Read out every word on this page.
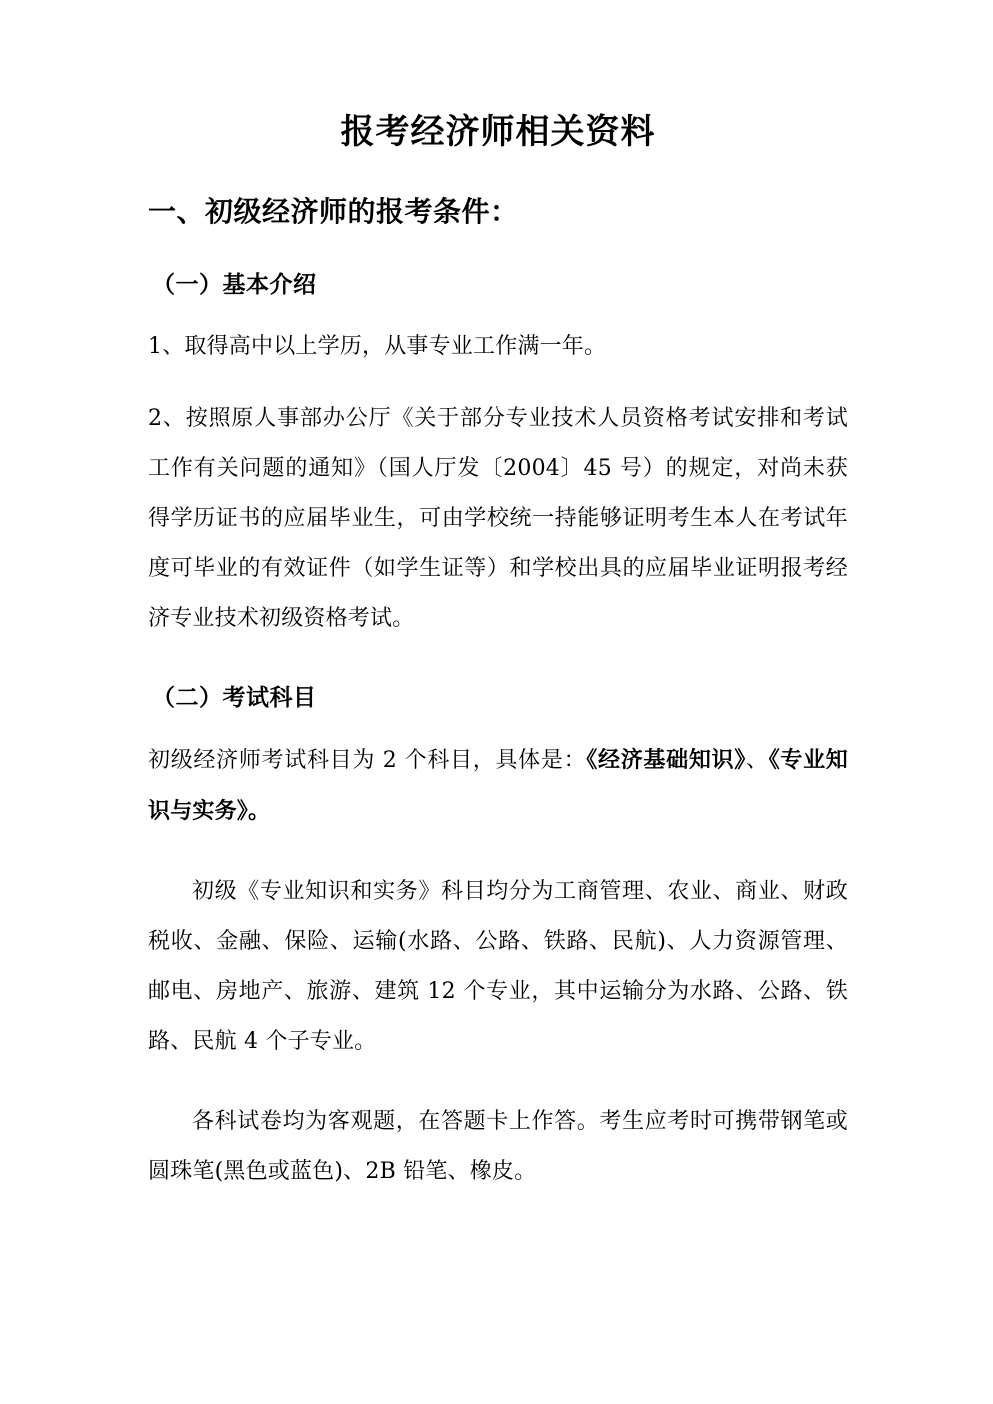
报考经济师相关资料
一、初级经济师的报考条件：
（一）基本介绍

1、取得高中以上学历，从事专业工作满一年。

2、按照原人事部办公厅《关于部分专业技术人员资格考试安排和考试工作有关问题的通知》（国人厅发〔2004〕45 号）的规定，对尚未获得学历证书的应届毕业生，可由学校统一持能够证明考生本人在考试年度可毕业的有效证件（如学生证等）和学校出具的应届毕业证明报考经济专业技术初级资格考试。

（二）考试科目

初级经济师考试科目为 2 个科目，具体是：《经济基础知识》、《专业知识与实务》。

初级《专业知识和实务》科目均分为工商管理、农业、商业、财政税收、金融、保险、运输(水路、公路、铁路、民航)、人力资源管理、邮电、房地产、旅游、建筑 12 个专业，其中运输分为水路、公路、铁路、民航 4 个子专业。

各科试卷均为客观题，在答题卡上作答。考生应考时可携带钢笔或圆珠笔(黑色或蓝色)、2B 铅笔、橡皮。
